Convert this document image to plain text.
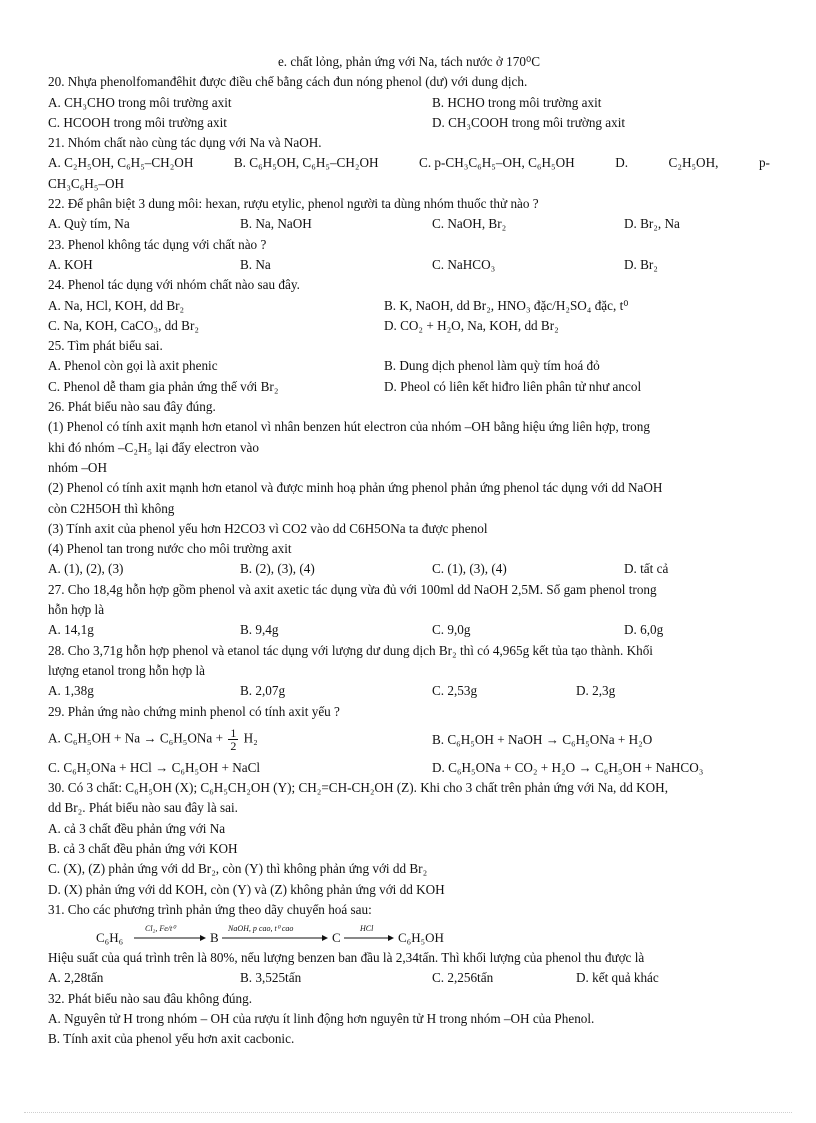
e. chất lỏng, phản ứng với Na, tách nước ở 170⁰C
20. Nhựa phenolfomanđêhit được điều chế bằng cách đun nóng phenol (dư) với dung dịch.
A. CH₃CHO trong môi trường axit	B. HCHO trong môi trường axit
C. HCOOH trong môi trường axit	D. CH₃COOH trong môi trường axit
21. Nhóm chất nào cùng tác dụng với Na và NaOH.
A. C₂H₅OH, C₆H₅–CH₂OH	B. C₆H₅OH, C₆H₅–CH₂OH	C. p-CH₃C₆H₅–OH, C₆H₅OH	D.	C₂H₅OH,	p-
CH₃C₆H₅–OH
22. Để phân biệt 3 dung môi: hexan, rượu etylic, phenol người ta dùng nhóm thuốc thử nào ?
A. Quỳ tím, Na	B. Na, NaOH	C. NaOH, Br₂	D. Br₂, Na
23. Phenol không tác dụng với chất nào ?
A. KOH	B. Na	C. NaHCO₃	D. Br₂
24. Phenol tác dụng với nhóm chất nào sau đây.
A. Na, HCl, KOH, dd Br₂	B. K, NaOH, dd Br₂, HNO₃ đặc/H₂SO₄ đặc, t⁰
C. Na, KOH, CaCO₃, dd Br₂	D. CO₂ + H₂O, Na, KOH, dd Br₂
25. Tìm phát biểu sai.
A. Phenol còn gọi là axit phenic	B. Dung dịch phenol làm quỳ tím hoá đỏ
C. Phenol dễ tham gia phản ứng thế với Br₂	D. Pheol có liên kết hiđro liên phân tử như ancol
26. Phát biểu nào sau đây đúng.
(1) Phenol có tính axit mạnh hơn etanol vì nhân benzen hút electron của nhóm –OH bằng hiệu ứng liên hợp, trong
khi đó nhóm –C₂H₅ lại đẩy electron vào
nhóm –OH
(2) Phenol có tính axit mạnh hơn etanol và được minh hoạ phản ứng phenol phản ứng phenol tác dụng với dd NaOH
còn C2H5OH thì không
(3) Tính axit của phenol yếu hơn H2CO3 vì CO2 vào dd C6H5ONa ta được phenol
(4) Phenol tan trong nước cho môi trường axit
A. (1), (2), (3)	B. (2), (3), (4)	C. (1), (3), (4)	D. tất cả
27. Cho 18,4g hỗn hợp gồm phenol và axit axetic tác dụng vừa đủ với 100ml dd NaOH 2,5M. Số gam phenol trong
hỗn hợp là
A. 14,1g	B. 9,4g	C. 9,0g	D. 6,0g
28. Cho 3,71g hỗn hợp phenol và etanol tác dụng với lượng dư dung dịch Br₂ thì có 4,965g kết tủa tạo thành. Khối
lượng etanol trong hỗn hợp là
A. 1,38g	B. 2,07g	C. 2,53g	D. 2,3g
29. Phản ứng nào chứng minh phenol có tính axit yếu ?
A. $C_6H_5OH + Na \to C_6H_5ONa + \frac{1}{2} H_2$	B. C₆H₅OH + NaOH → C₆H₅ONa + H₂O
C. C₆H₅ONa + HCl → C₆H₅OH + NaCl	D. C₆H₅ONa + CO₂ + H₂O → C₆H₅OH + NaHCO₃
30. Có 3 chất: C₆H₅OH (X); C₆H₅CH₂OH (Y); CH₂=CH-CH₂OH (Z). Khi cho 3 chất trên phản ứng với Na, dd KOH,
dd Br₂. Phát biểu nào sau đây là sai.
A. cả 3 chất đều phản ứng với Na
B. cả 3 chất đều phản ứng với KOH
C. (X), (Z) phản ứng với dd Br₂, còn (Y) thì không phản ứng với dd Br₂
D. (X) phản ứng với dd KOH, còn (Y) và (Z) không phản ứng với dd KOH
31. Cho các phương trình phản ứng theo dãy chuyển hoá sau:
C₆H₆
Cl₂, Fe/t⁰
B
NaOH, p cao, t⁰ cao
C
HCl
C₆H₅OH
Hiệu suất của quá trình trên là 80%, nếu lượng benzen ban đầu là 2,34tấn. Thì khối lượng của phenol thu được là
A. 2,28tấn	B. 3,525tấn	C. 2,256tấn	D. kết quả khác
32. Phát biểu nào sau đâu không đúng.
A. Nguyên tử H trong nhóm – OH của rượu ít linh động hơn nguyên tử H trong nhóm –OH của Phenol.
B. Tính axit của phenol yếu hơn axit cacbonic.
